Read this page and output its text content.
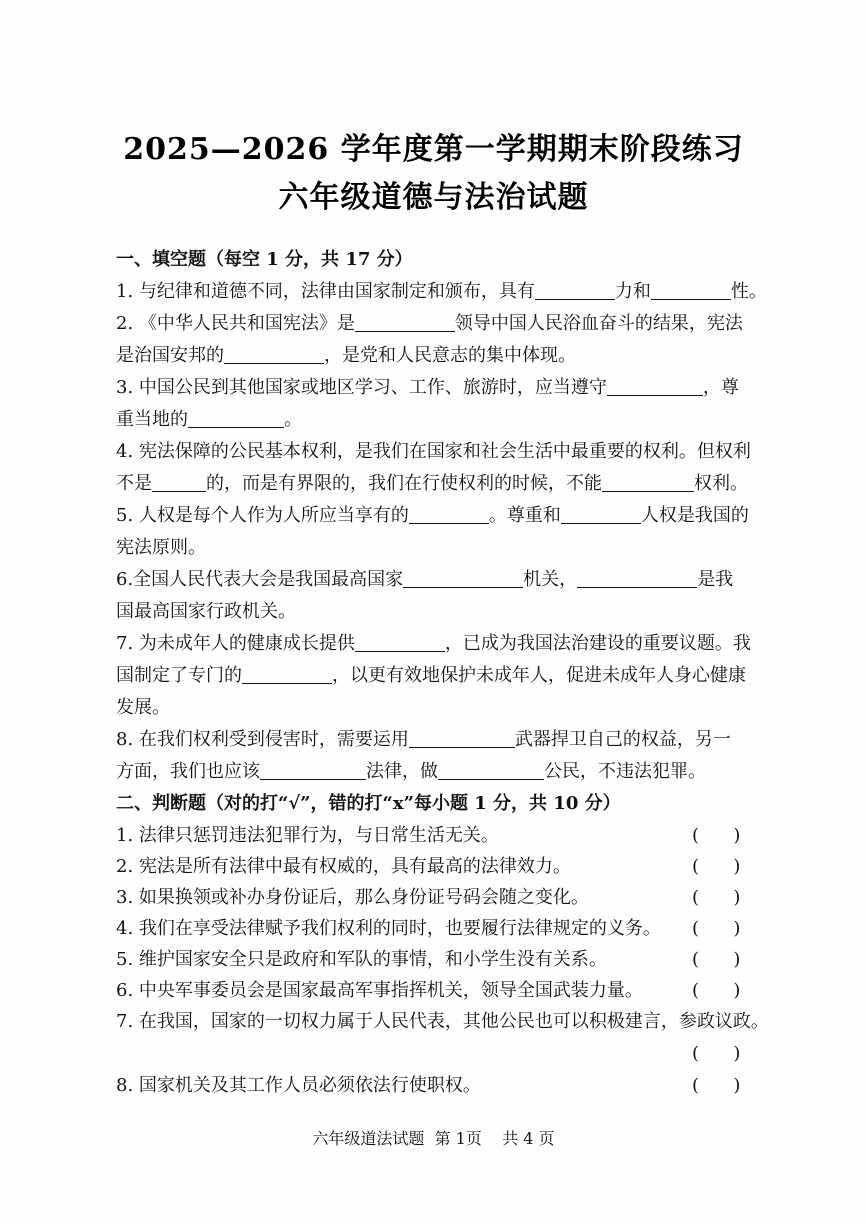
2025—2026 学年度第一学期期末阶段练习
六年级道德与法治试题
一、填空题（每空 1 分，共 17 分）
1. 与纪律和道德不同，法律由国家制定和颁布，具有	力和	性。
2. 《中华人民共和国宪法》是	领导中国人民浴血奋斗的结果，宪法
是治国安邦的	，是党和人民意志的集中体现。
3. 中国公民到其他国家或地区学习、工作、旅游时，应当遵守	，尊
重当地的	。
4. 宪法保障的公民基本权利，是我们在国家和社会生活中最重要的权利。但权利
不是	的，而是有界限的，我们在行使权利的时候，不能	权利。
5. 人权是每个人作为人所应当享有的	。尊重和	人权是我国的
宪法原则。
6.全国人民代表大会是我国最高国家	机关，	是我
国最高国家行政机关。
7. 为未成年人的健康成长提供	，已成为我国法治建设的重要议题。我
国制定了专门的	，以更有效地保护未成年人，促进未成年人身心健康
发展。
8. 在我们权利受到侵害时，需要运用	武器捍卫自己的权益，另一
方面，我们也应该	法律，做	公民，不违法犯罪。
二、判断题（对的打“√”，错的打“x”每小题 1 分，共 10 分）
1. 法律只惩罚违法犯罪行为，与日常生活无关。	(      )
2. 宪法是所有法律中最有权威的，具有最高的法律效力。	(      )
3. 如果换领或补办身份证后，那么身份证号码会随之变化。	(      )
4. 我们在享受法律赋予我们权利的同时，也要履行法律规定的义务。	(      )
5. 维护国家安全只是政府和军队的事情，和小学生没有关系。	(      )
6. 中央军事委员会是国家最高军事指挥机关，领导全国武装力量。	(      )
7. 在我国，国家的一切权力属于人民代表，其他公民也可以积极建言，参政议政。
(      )
8. 国家机关及其工作人员必须依法行使职权。	(      )
六年级道法试题  第 1页    共 4 页
